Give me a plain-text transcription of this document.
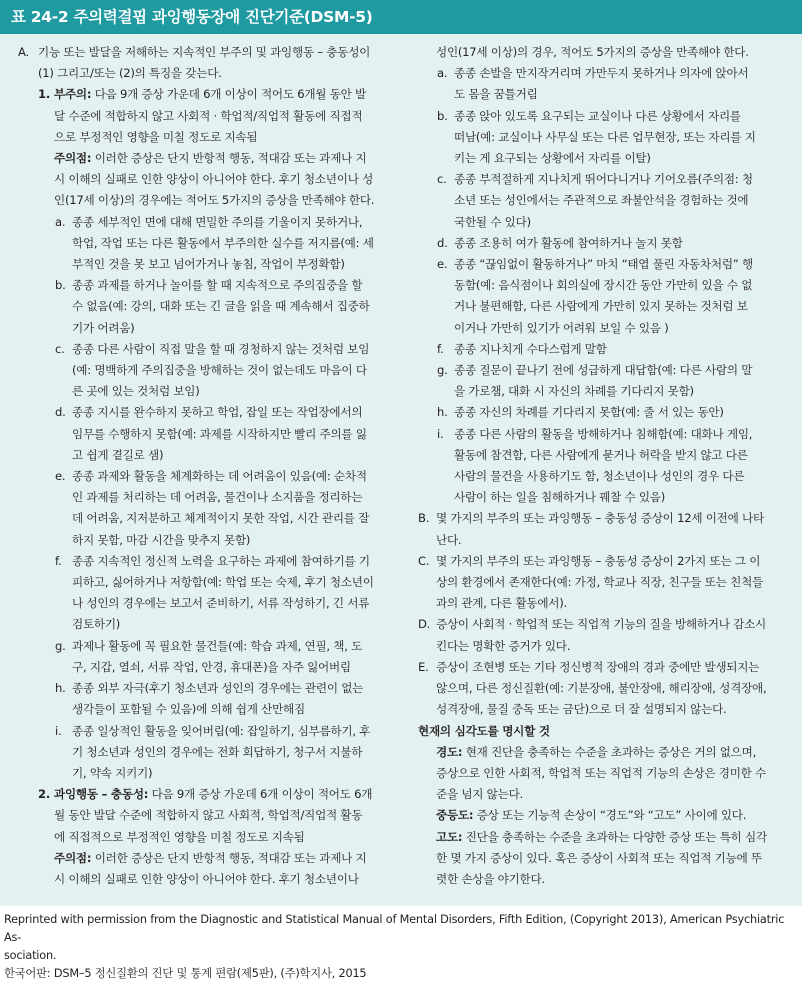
표 24-2 주의력결핍 과잉행동장애 진단기준(DSM-5)
A. 기능 또는 발달을 저해하는 지속적인 부주의 및 과잉행동 – 충동성이
(1) 그리고/또는 (2)의 특징을 갖는다.
1. 부주의: 다음 9개 증상 가운데 6개 이상이 적어도 6개월 동안 발
달 수준에 적합하지 않고 사회적 · 학업적/직업적 활동에 직접적
으로 부정적인 영향을 미칠 정도로 지속됨
주의점: 이러한 증상은 단지 반항적 행동, 적대감 또는 과제나 지
시 이해의 실패로 인한 양상이 아니어야 한다. 후기 청소년이나 성
인(17세 이상)의 경우에는 적어도 5가지의 증상을 만족해야 한다.
a. 종종 세부적인 면에 대해 면밀한 주의를 기울이지 못하거나,
학업, 작업 또는 다른 활동에서 부주의한 실수를 저지름(예: 세
부적인 것을 못 보고 넘어가거나 놓침, 작업이 부정확함)
b. 종종 과제를 하거나 놀이를 할 때 지속적으로 주의집중을 할
수 없음(예: 강의, 대화 또는 긴 글을 읽을 때 계속해서 집중하
기가 어려움)
c. 종종 다른 사람이 직접 말을 할 때 경청하지 않는 것처럼 보임
(예: 명백하게 주의집중을 방해하는 것이 없는데도 마음이 다
른 곳에 있는 것처럼 보임)
d. 종종 지시를 완수하지 못하고 학업, 잡일 또는 작업장에서의
임무를 수행하지 못함(예: 과제를 시작하지만 빨리 주의를 잃
고 쉽게 곁길로 샘)
e. 종종 과제와 활동을 체계화하는 데 어려움이 있음(예: 순차적
인 과제를 처리하는 데 어려움, 물건이나 소지품을 정리하는
데 어려움, 지저분하고 체계적이지 못한 작업, 시간 관리를 잘
하지 못함, 마감 시간을 맞추지 못함)
f. 종종 지속적인 정신적 노력을 요구하는 과제에 참여하기를 기
피하고, 싫어하거나 저항함(예: 학업 또는 숙제, 후기 청소년이
나 성인의 경우에는 보고서 준비하기, 서류 작성하기, 긴 서류
검토하기)
g. 과제나 활동에 꼭 필요한 물건들(예: 학습 과제, 연필, 책, 도
구, 지갑, 열쇠, 서류 작업, 안경, 휴대폰)을 자주 잃어버림
h. 종종 외부 자극(후기 청소년과 성인의 경우에는 관련이 없는
생각들이 포함될 수 있음)에 의해 쉽게 산만해짐
i. 종종 일상적인 활동을 잊어버림(예: 잡일하기, 심부름하기, 후
기 청소년과 성인의 경우에는 전화 회답하기, 청구서 지불하
기, 약속 지키기)
2. 과잉행동 – 충동성: 다음 9개 증상 가운데 6개 이상이 적어도 6개
월 동안 발달 수준에 적합하지 않고 사회적, 학업적/직업적 활동
에 직접적으로 부정적인 영향을 미칠 정도로 지속됨
주의점: 이러한 증상은 단지 반항적 행동, 적대감 또는 과제나 지
시 이해의 실패로 인한 양상이 아니어야 한다. 후기 청소년이나
성인(17세 이상)의 경우, 적어도 5가지의 증상을 만족해야 한다.
a. 종종 손발을 만지작거리며 가만두지 못하거나 의자에 앉아서
도 몸을 꿈틀거림
b. 종종 앉아 있도록 요구되는 교실이나 다른 상황에서 자리를
떠남(예: 교실이나 사무실 또는 다른 업무현장, 또는 자리를 지
키는 게 요구되는 상황에서 자리를 이탈)
c. 종종 부적절하게 지나치게 뛰어다니거나 기어오름(주의점: 청
소년 또는 성인에서는 주관적으로 좌불안석을 경험하는 것에
국한될 수 있다)
d. 종종 조용히 여가 활동에 참여하거나 놀지 못함
e. 종종 “끊임없이 활동하거나” 마치 “태엽 풀린 자동차처럼” 행
동함(예: 음식점이나 회의실에 장시간 동안 가만히 있을 수 없
거나 불편해함, 다른 사람에게 가만히 있지 못하는 것처럼 보
이거나 가만히 있기가 어려워 보일 수 있음 )
f. 종종 지나치게 수다스럽게 말함
g. 종종 질문이 끝나기 전에 성급하게 대답함(예: 다른 사람의 말
을 가로챔, 대화 시 자신의 차례를 기다리지 못함)
h. 종종 자신의 차례를 기다리지 못함(예: 줄 서 있는 동안)
i. 종종 다른 사람의 활동을 방해하거나 침해함(예: 대화나 게임,
활동에 참견함, 다른 사람에게 묻거나 허락을 받지 않고 다른
사람의 물건을 사용하기도 함, 청소년이나 성인의 경우 다른
사람이 하는 일을 침해하거나 꿰찰 수 있음)
B. 몇 가지의 부주의 또는 과잉행동 – 충동성 증상이 12세 이전에 나타
난다.
C. 몇 가지의 부주의 또는 과잉행동 – 충동성 증상이 2가지 또는 그 이
상의 환경에서 존재한다(예: 가정, 학교나 직장, 친구들 또는 친척들
과의 관계, 다른 활동에서).
D. 증상이 사회적 · 학업적 또는 직업적 기능의 질을 방해하거나 감소시
킨다는 명확한 증거가 있다.
E. 증상이 조현병 또는 기타 정신병적 장애의 경과 중에만 발생되지는
않으며, 다른 정신질환(예: 기분장애, 불안장애, 해리장애, 성격장애,
성격장애, 물질 중독 또는 금단)으로 더 잘 설명되지 않는다.
현재의 심각도를 명시할 것
경도: 현재 진단을 충족하는 수준을 초과하는 증상은 거의 없으며,
증상으로 인한 사회적, 학업적 또는 직업적 기능의 손상은 경미한 수
준을 넘지 않는다.
중등도: 증상 또는 기능적 손상이 “경도”와 “고도” 사이에 있다.
고도: 진단을 충족하는 수준을 초과하는 다양한 증상 또는 특히 심각
한 몇 가지 증상이 있다. 혹은 증상이 사회적 또는 직업적 기능에 뚜
렷한 손상을 야기한다.

Reprinted with permission from the Diagnostic and Statistical Manual of Mental Disorders, Fifth Edition, (Copyright 2013), American Psychiatric As-

sociation.

한국어판: DSM–5 정신질환의 진단 및 통계 편람(제5판), (주)학지사, 2015
